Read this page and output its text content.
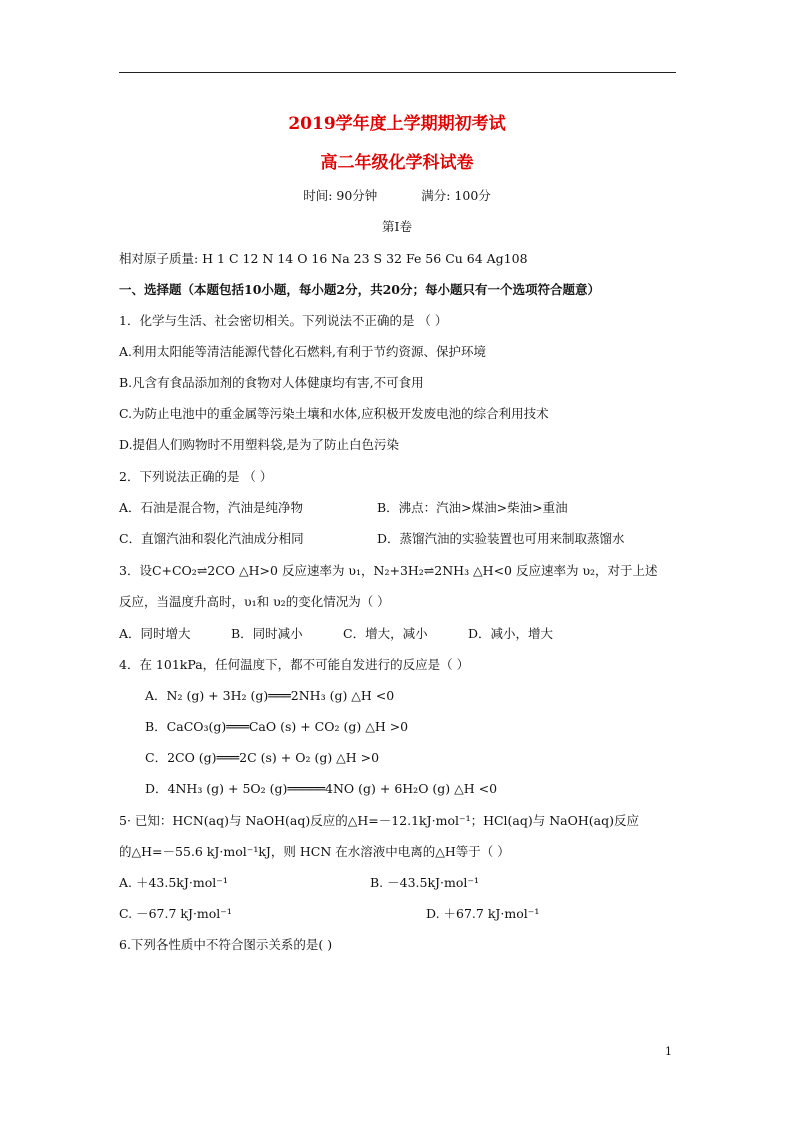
2019学年度上学期期初考试
高二年级化学科试卷
时间: 90分钟	满分: 100分
第I卷
相对原子质量: H 1 C 12 N 14 O 16 Na 23 S 32 Fe 56 Cu 64 Ag108
一、选择题（本题包括10小题，每小题2分，共20分；每小题只有一个选项符合题意）
1．化学与生活、社会密切相关。下列说法不正确的是 （ ）
A.利用太阳能等清洁能源代替化石燃料,有利于节约资源、保护环境
B.凡含有食品添加剂的食物对人体健康均有害,不可食用
C.为防止电池中的重金属等污染土壤和水体,应积极开发废电池的综合利用技术
D.提倡人们购物时不用塑料袋,是为了防止白色污染
2．下列说法正确的是 （ ）
A．石油是混合物，汽油是纯净物	B．沸点：汽油>煤油>柴油>重油
C．直馏汽油和裂化汽油成分相同	D．蒸馏汽油的实验装置也可用来制取蒸馏水
3．设C+CO₂⇌2CO △H>0 反应速率为 υ₁，N₂+3H₂⇌2NH₃ △H<0 反应速率为 υ₂，对于上述
反应，当温度升高时，υ₁和 υ₂的变化情况为（ ）
A．同时增大	B．同时减小	C．增大，减小	D．减小，增大
4．在 101kPa，任何温度下，都不可能自发进行的反应是（ ）
A．N₂ (g) + 3H₂ (g)═══2NH₃ (g) △H <0
B．CaCO₃(g)═══CaO (s) + CO₂ (g) △H >0
C．2CO (g)═══2C (s) + O₂ (g) △H >0
D．4NH₃ (g) + 5O₂ (g)═════4NO (g) + 6H₂O (g) △H <0
5· 已知：HCN(aq)与 NaOH(aq)反应的△H=－12.1kJ·mol⁻¹；HCl(aq)与 NaOH(aq)反应
的△H=－55.6 kJ·mol⁻¹kJ，则 HCN 在水溶液中电离的△H等于（ ）
A. ＋43.5kJ·mol⁻¹	B. －43.5kJ·mol⁻¹
C. －67.7 kJ·mol⁻¹	D. ＋67.7 kJ·mol⁻¹
6.下列各性质中不符合图示关系的是( )
1
